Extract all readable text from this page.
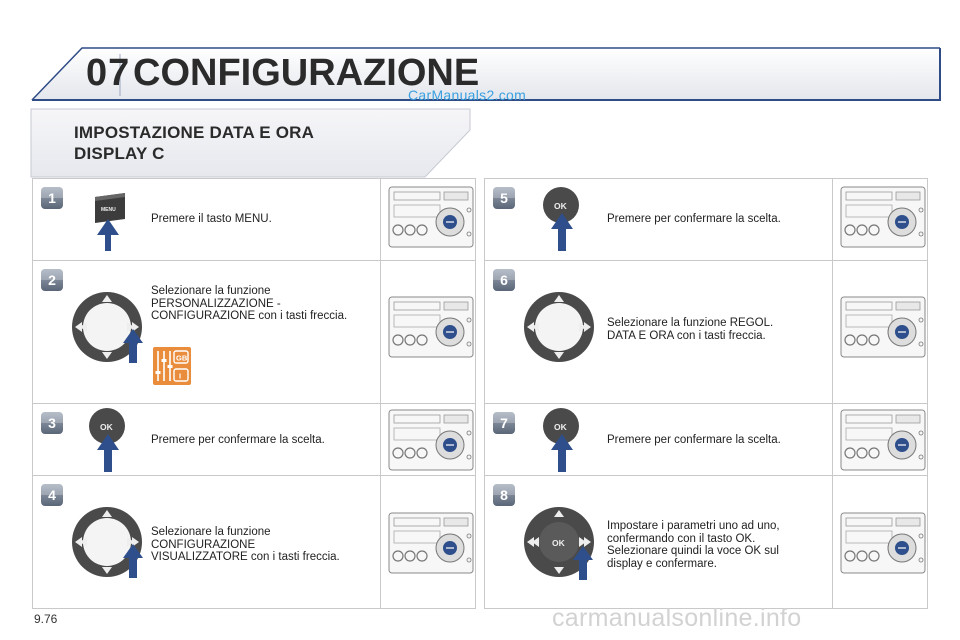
07 CONFIGURAZIONE
CarManuals2.com
IMPOSTAZIONE DATA E ORA
DISPLAY C
1
MENU
Premere il tasto MENU.
2
GB
I
Selezionare la funzione
PERSONALIZZAZIONE -
CONFIGURAZIONE con i tasti freccia.
3	OK
Premere per confermare la scelta.
4
Selezionare la funzione
CONFIGURAZIONE
VISUALIZZATORE con i tasti freccia.
5	OK
Premere per confermare la scelta.
6
Selezionare la funzione REGOL.
DATA E ORA con i tasti freccia.
7	OK
Premere per confermare la scelta.
8
OK
Impostare i parametri uno ad uno,
confermando con il tasto OK.
Selezionare quindi la voce OK sul
display e confermare.
9.76	carmanualsonline.info
